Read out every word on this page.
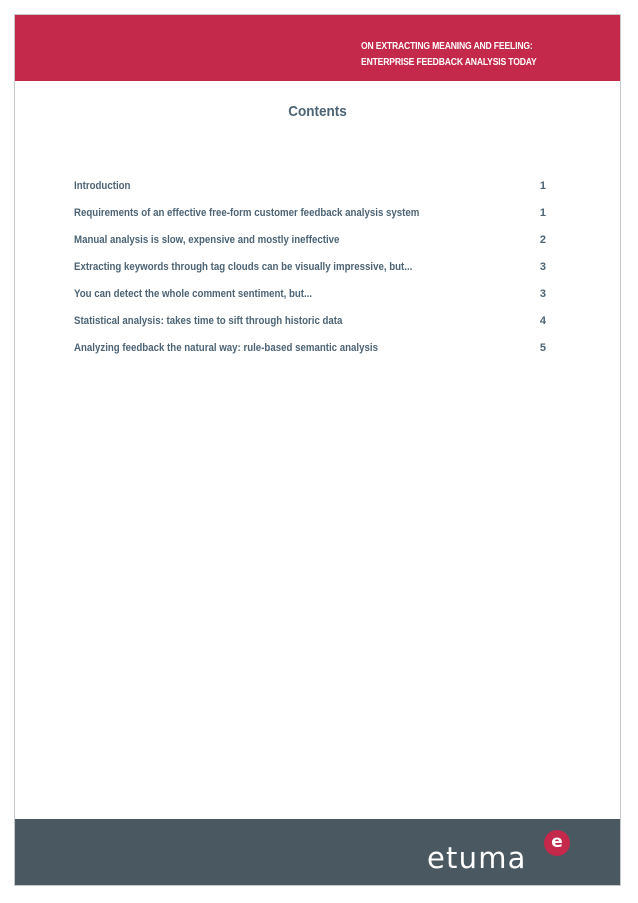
ON EXTRACTING MEANING AND FEELING:
ENTERPRISE FEEDBACK ANALYSIS TODAY
Contents
Introduction	1
Requirements of an effective free-form customer feedback analysis system	1
Manual analysis is slow, expensive and mostly ineffective	2
Extracting keywords through tag clouds can be visually impressive, but...	3
You can detect the whole comment sentiment, but...	3
Statistical analysis: takes time to sift through historic data	4
Analyzing feedback the natural way: rule-based semantic analysis	5
etuma	e
